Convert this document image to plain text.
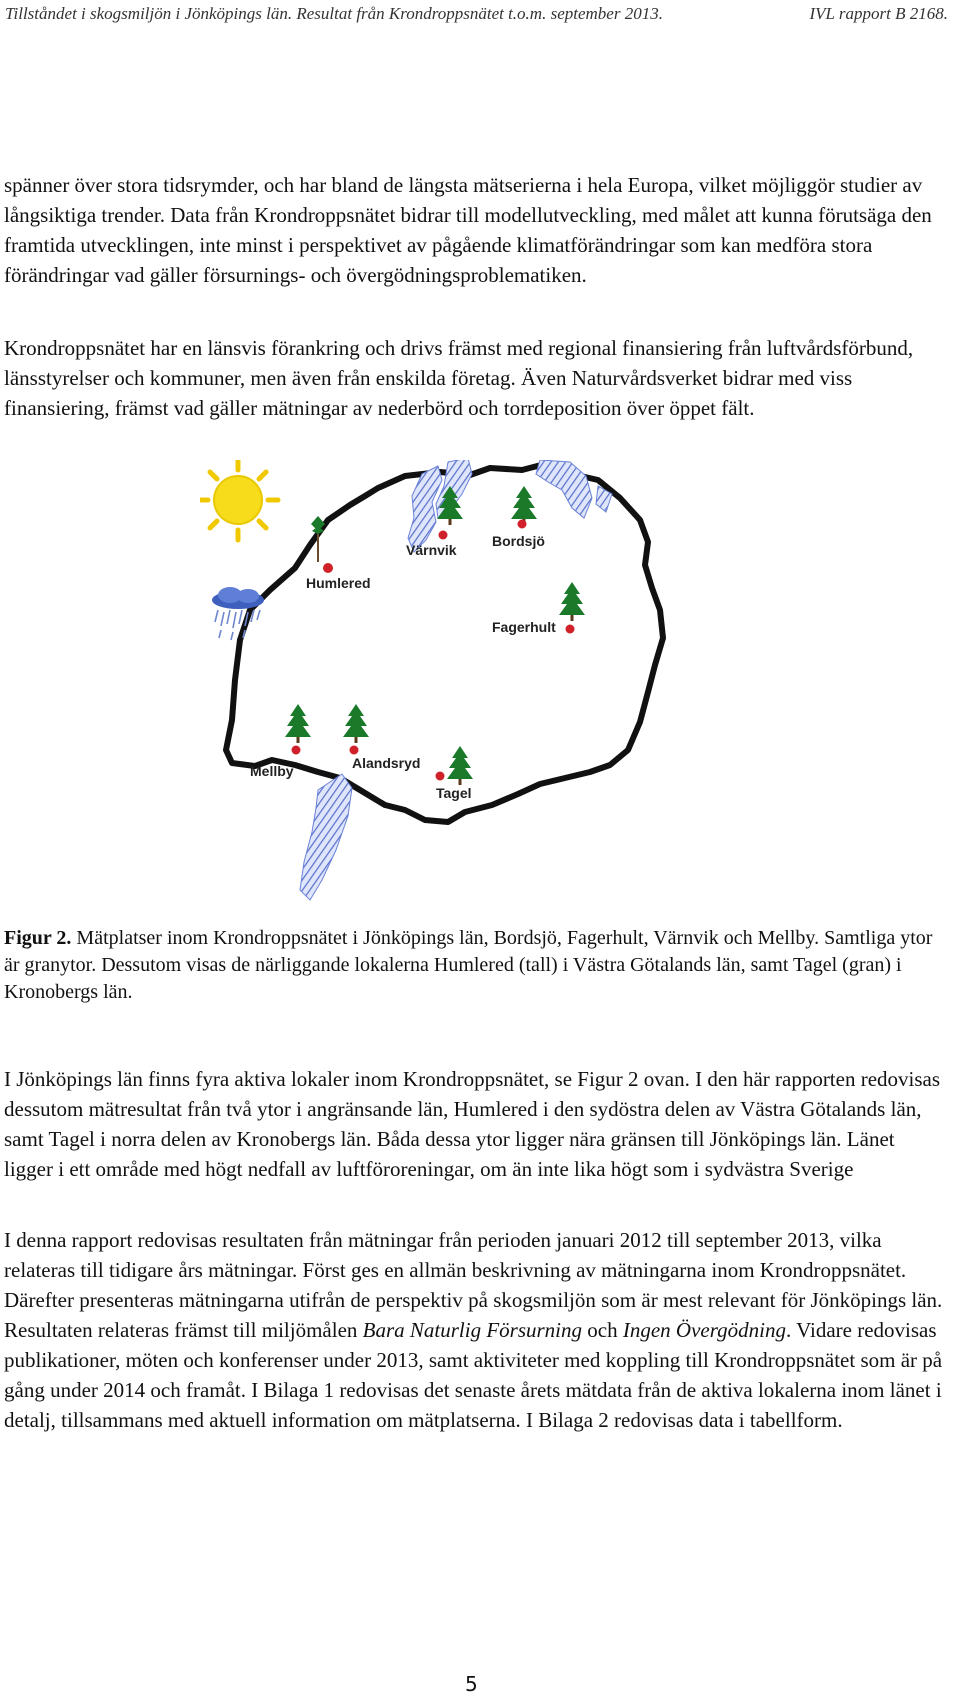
Tillståndet i skogsmiljön i Jönköpings län. Resultat från Krondroppsnätet t.o.m. september 2013.	IVL rapport B 2168.

spänner över stora tidsrymder, och har bland de längsta mätserierna i hela Europa, vilket möjliggör studier av långsiktiga trender. Data från Krondroppsnätet bidrar till modellutveckling, med målet att kunna förutsäga den framtida utvecklingen, inte minst i perspektivet av pågående klimatförändringar som kan medföra stora förändringar vad gäller försurnings- och övergödningsproblematiken.

Krondroppsnätet har en länsvis förankring och drivs främst med regional finansiering från luftvårdsförbund, länsstyrelser och kommuner, men även från enskilda företag. Även Naturvårdsverket bidrar med viss finansiering, främst vad gäller mätningar av nederbörd och torrdeposition över öppet fält.

Humlered
Värnvik
Bordsjö
Fagerhult
Mellby	Alandsryd
Tagel

Figur 2. Mätplatser inom Krondroppsnätet i Jönköpings län, Bordsjö, Fagerhult, Värnvik och Mellby. Samtliga ytor är granytor. Dessutom visas de närliggande lokalerna Humlered (tall) i Västra Götalands län, samt Tagel (gran) i Kronobergs län.

I Jönköpings län finns fyra aktiva lokaler inom Krondroppsnätet, se Figur 2 ovan. I den här rapporten redovisas dessutom mätresultat från två ytor i angränsande län, Humlered i den sydöstra delen av Västra Götalands län, samt Tagel i norra delen av Kronobergs län. Båda dessa ytor ligger nära gränsen till Jönköpings län. Länet ligger i ett område med högt nedfall av luftföroreningar, om än inte lika högt som i sydvästra Sverige

I denna rapport redovisas resultaten från mätningar från perioden januari 2012 till september 2013, vilka relateras till tidigare års mätningar. Först ges en allmän beskrivning av mätningarna inom Krondroppsnätet. Därefter presenteras mätningarna utifrån de perspektiv på skogsmiljön som är mest relevant för Jönköpings län. Resultaten relateras främst till miljömålen Bara Naturlig Försurning och Ingen Övergödning. Vidare redovisas publikationer, möten och konferenser under 2013, samt aktiviteter med koppling till Krondroppsnätet som är på gång under 2014 och framåt. I Bilaga 1 redovisas det senaste årets mätdata från de aktiva lokalerna inom länet i detalj, tillsammans med aktuell information om mätplatserna. I Bilaga 2 redovisas data i tabellform.

5
